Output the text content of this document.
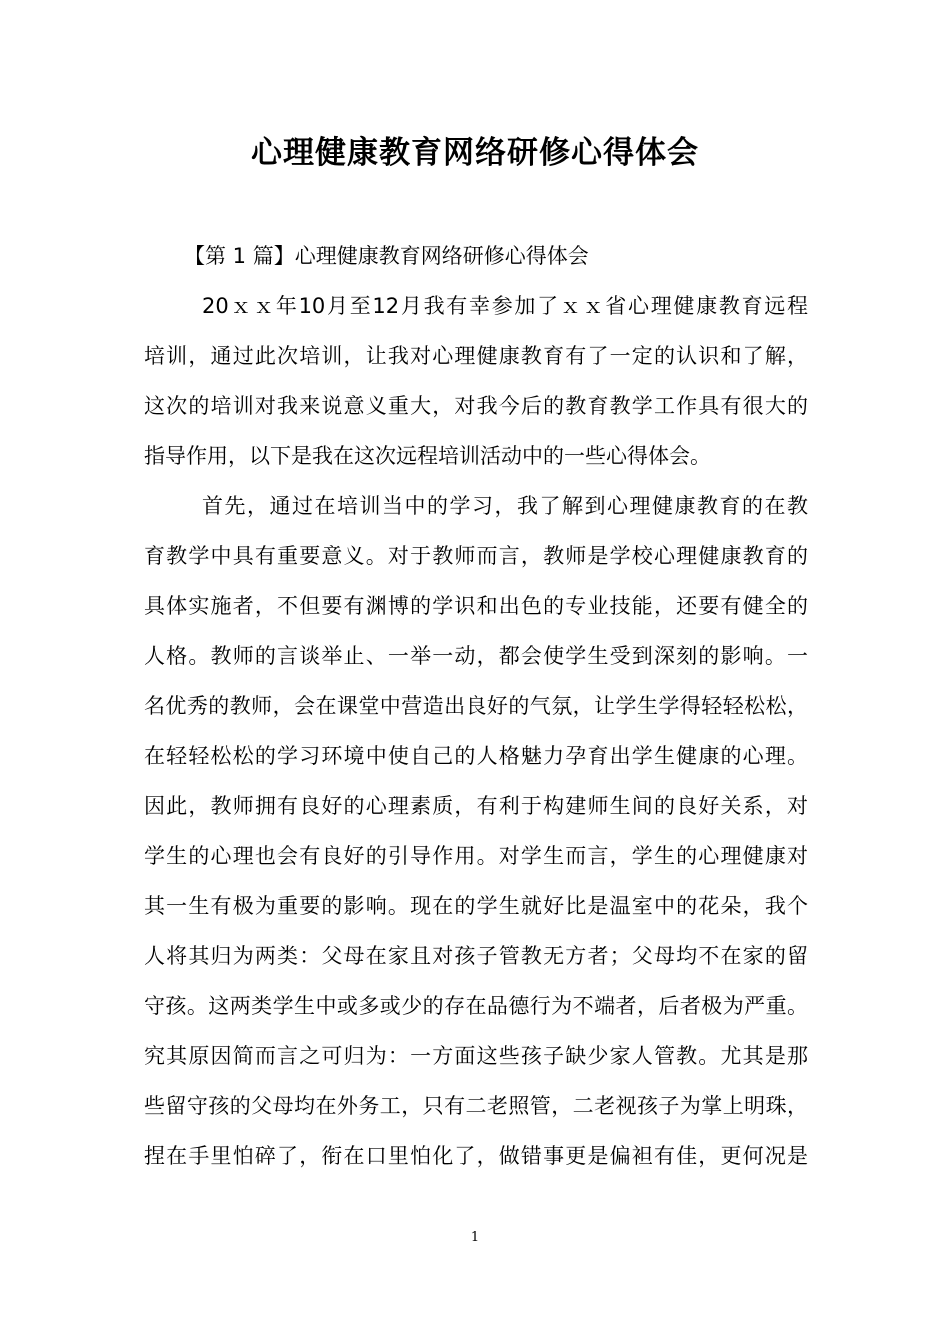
心理健康教育网络研修心得体会

【第 1 篇】心理健康教育网络研修心得体会

20ｘｘ年10月至12月我有幸参加了ｘｘ省心理健康教育远程
培训，通过此次培训，让我对心理健康教育有了一定的认识和了解，
这次的培训对我来说意义重大，对我今后的教育教学工作具有很大的
指导作用，以下是我在这次远程培训活动中的一些心得体会。

首先，通过在培训当中的学习，我了解到心理健康教育的在教
育教学中具有重要意义。对于教师而言，教师是学校心理健康教育的
具体实施者，不但要有渊博的学识和出色的专业技能，还要有健全的
人格。教师的言谈举止、一举一动，都会使学生受到深刻的影响。一
名优秀的教师，会在课堂中营造出良好的气氛，让学生学得轻轻松松，
在轻轻松松的学习环境中使自己的人格魅力孕育出学生健康的心理。
因此，教师拥有良好的心理素质，有利于构建师生间的良好关系，对
学生的心理也会有良好的引导作用。对学生而言，学生的心理健康对
其一生有极为重要的影响。现在的学生就好比是温室中的花朵，我个
人将其归为两类：父母在家且对孩子管教无方者；父母均不在家的留
守孩。这两类学生中或多或少的存在品德行为不端者，后者极为严重。
究其原因简而言之可归为：一方面这些孩子缺少家人管教。尤其是那
些留守孩的父母均在外务工，只有二老照管，二老视孩子为掌上明珠，
捏在手里怕碎了，衔在口里怕化了，做错事更是偏袒有佳，更何况是

1
